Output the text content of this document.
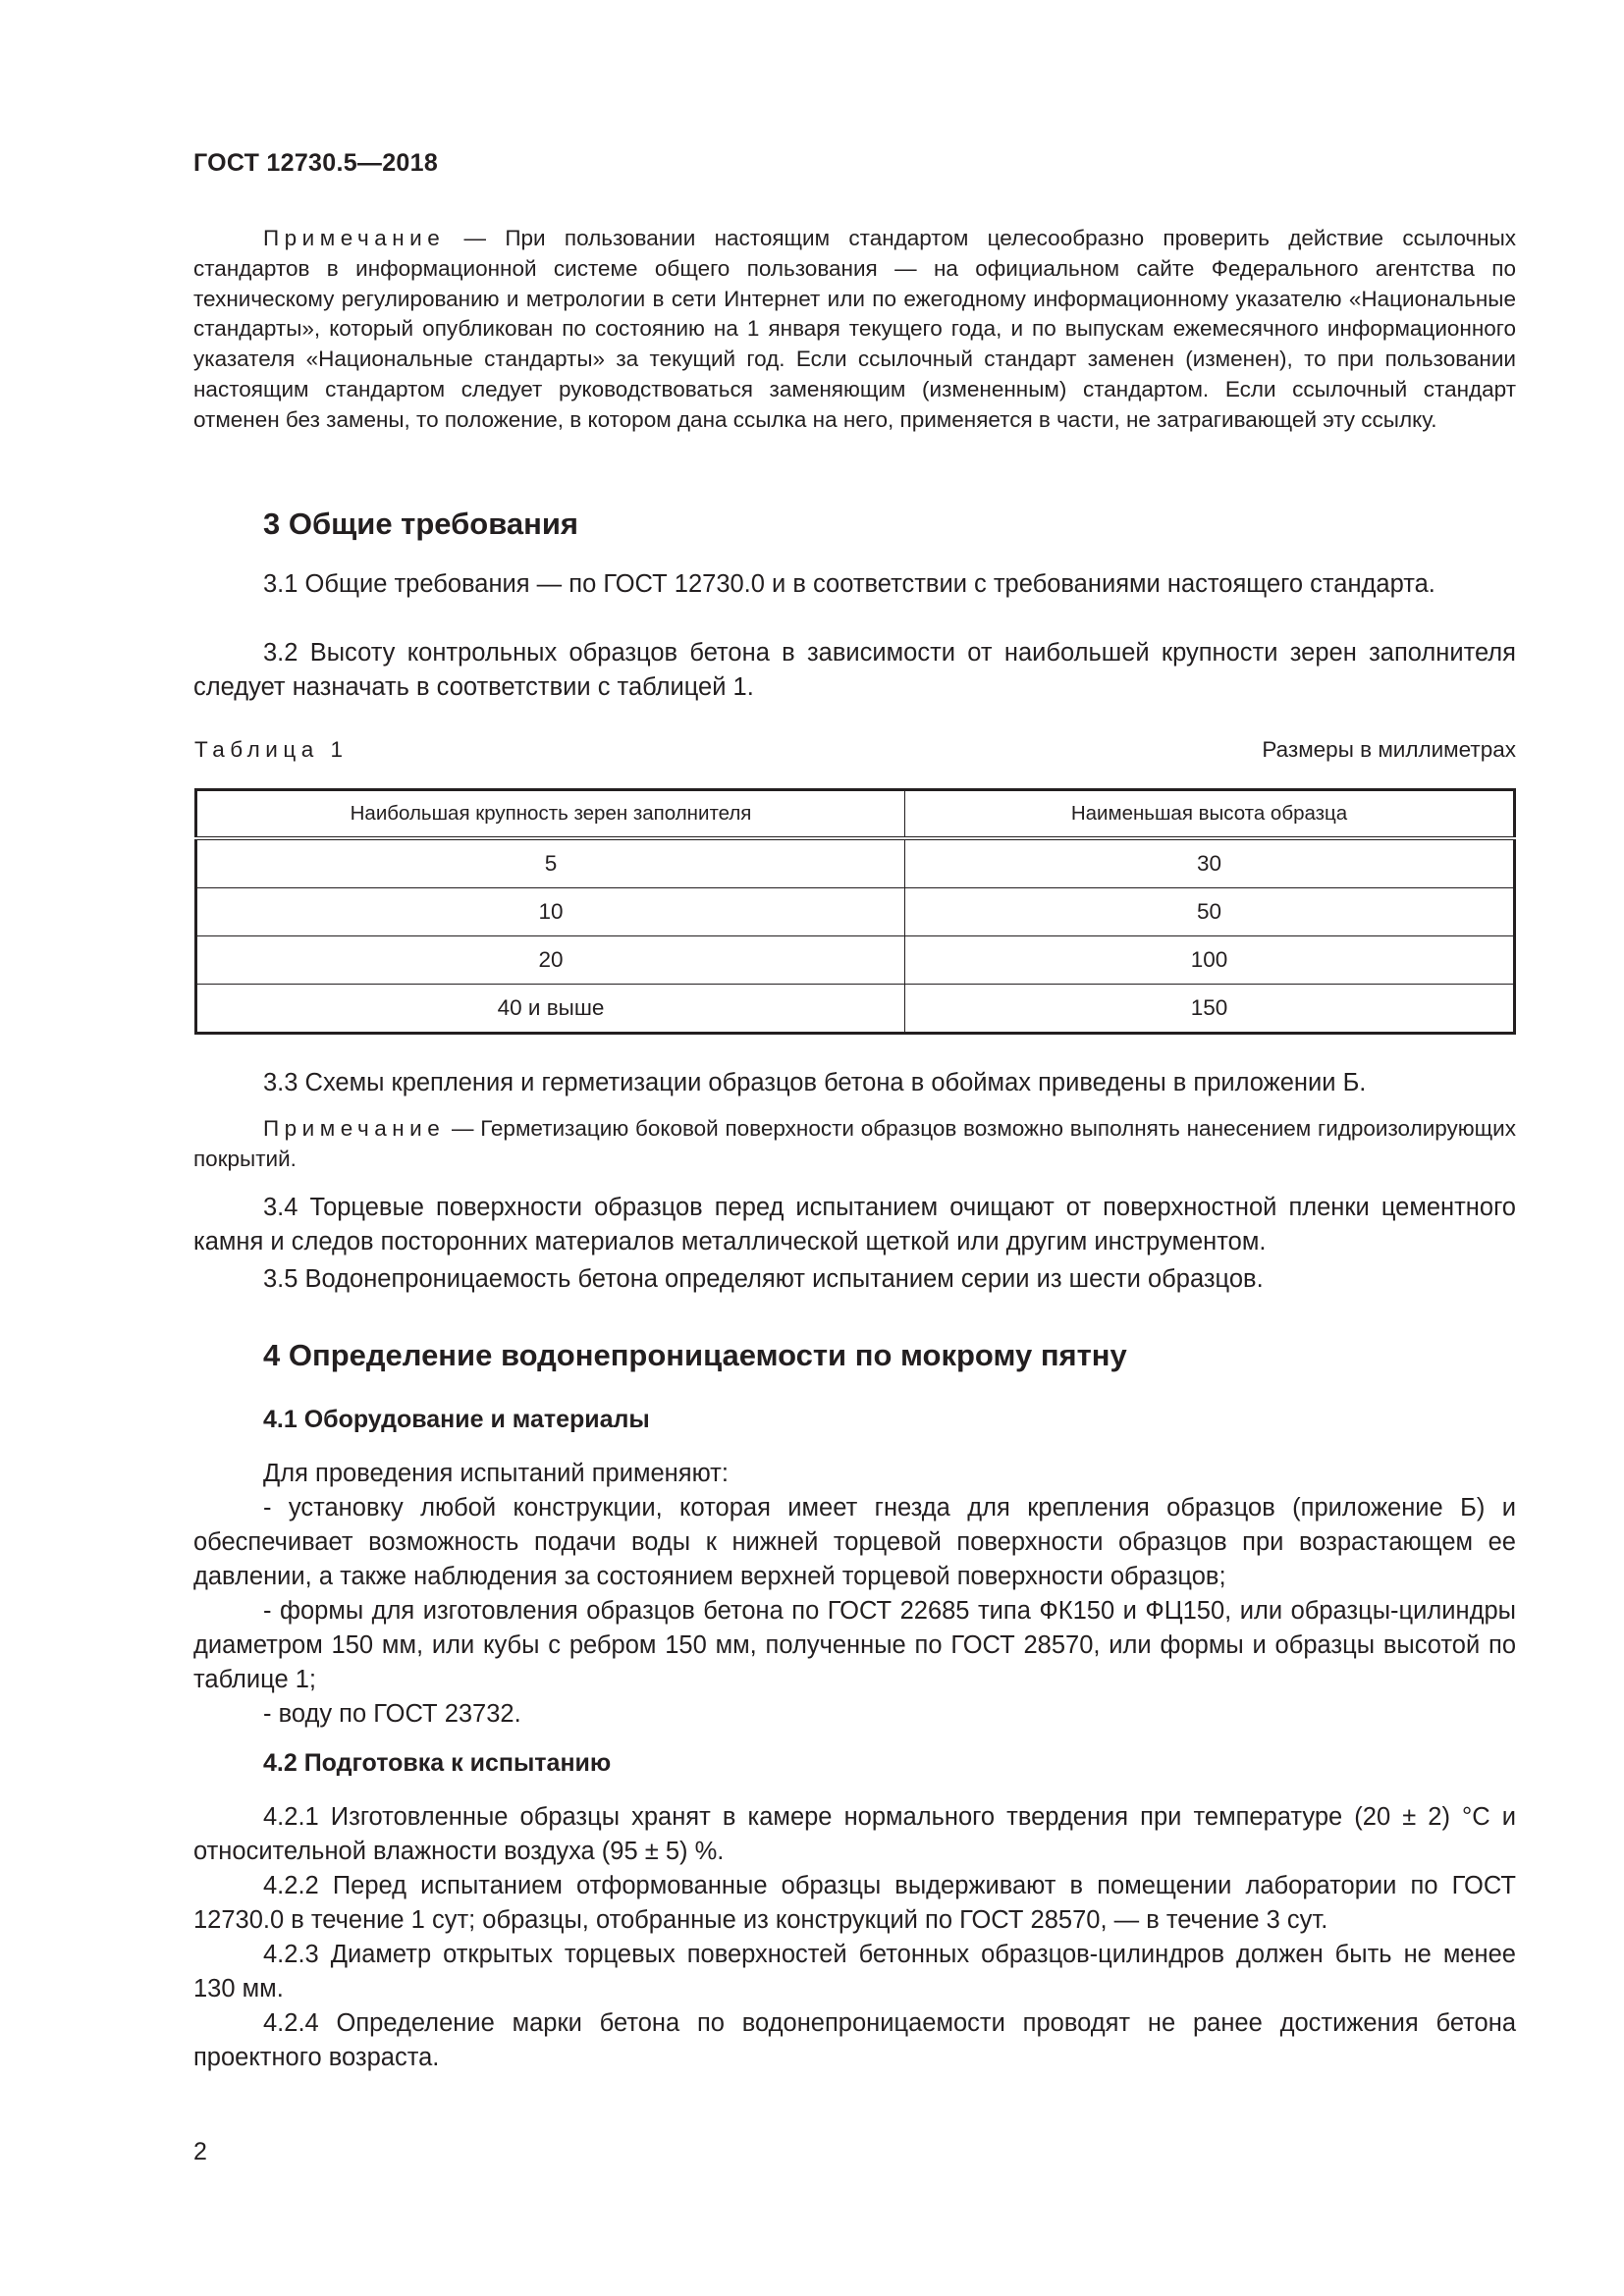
ГОСТ 12730.5—2018
Примечание — При пользовании настоящим стандартом целесообразно проверить действие ссылочных стандартов в информационной системе общего пользования — на официальном сайте Федерального агентства по техническому регулированию и метрологии в сети Интернет или по ежегодному информационному указателю «Национальные стандарты», который опубликован по состоянию на 1 января текущего года, и по выпускам ежемесячного информационного указателя «Национальные стандарты» за текущий год. Если ссылочный стандарт заменен (изменен), то при пользовании настоящим стандартом следует руководствоваться заменяющим (измененным) стандартом. Если ссылочный стандарт отменен без замены, то положение, в котором дана ссылка на него, применяется в части, не затрагивающей эту ссылку.
3 Общие требования
3.1 Общие требования — по ГОСТ 12730.0 и в соответствии с требованиями настоящего стандарта.
3.2 Высоту контрольных образцов бетона в зависимости от наибольшей крупности зерен заполнителя следует назначать в соответствии с таблицей 1.
Таблица 1	Размеры в миллиметрах
Наибольшая крупность зерен заполнителя	Наименьшая высота образца
5	30
10	50
20	100
40 и выше	150
3.3 Схемы крепления и герметизации образцов бетона в обоймах приведены в приложении Б.
Примечание — Герметизацию боковой поверхности образцов возможно выполнять нанесением гидроизолирующих покрытий.
3.4 Торцевые поверхности образцов перед испытанием очищают от поверхностной пленки цементного камня и следов посторонних материалов металлической щеткой или другим инструментом.
3.5 Водонепроницаемость бетона определяют испытанием серии из шести образцов.
4 Определение водонепроницаемости по мокрому пятну
4.1 Оборудование и материалы
Для проведения испытаний применяют:
- установку любой конструкции, которая имеет гнезда для крепления образцов (приложение Б) и обеспечивает возможность подачи воды к нижней торцевой поверхности образцов при возрастающем ее давлении, а также наблюдения за состоянием верхней торцевой поверхности образцов;
- формы для изготовления образцов бетона по ГОСТ 22685 типа ФК150 и ФЦ150, или образцы-цилиндры диаметром 150 мм, или кубы с ребром 150 мм, полученные по ГОСТ 28570, или формы и образцы высотой по таблице 1;
- воду по ГОСТ 23732.
4.2 Подготовка к испытанию
4.2.1 Изготовленные образцы хранят в камере нормального твердения при температуре (20 ± 2) °С и относительной влажности воздуха (95 ± 5) %.
4.2.2 Перед испытанием отформованные образцы выдерживают в помещении лаборатории по ГОСТ 12730.0 в течение 1 сут; образцы, отобранные из конструкций по ГОСТ 28570, — в течение 3 сут.
4.2.3 Диаметр открытых торцевых поверхностей бетонных образцов-цилиндров должен быть не менее 130 мм.
4.2.4 Определение марки бетона по водонепроницаемости проводят не ранее достижения бетона проектного возраста.
2
